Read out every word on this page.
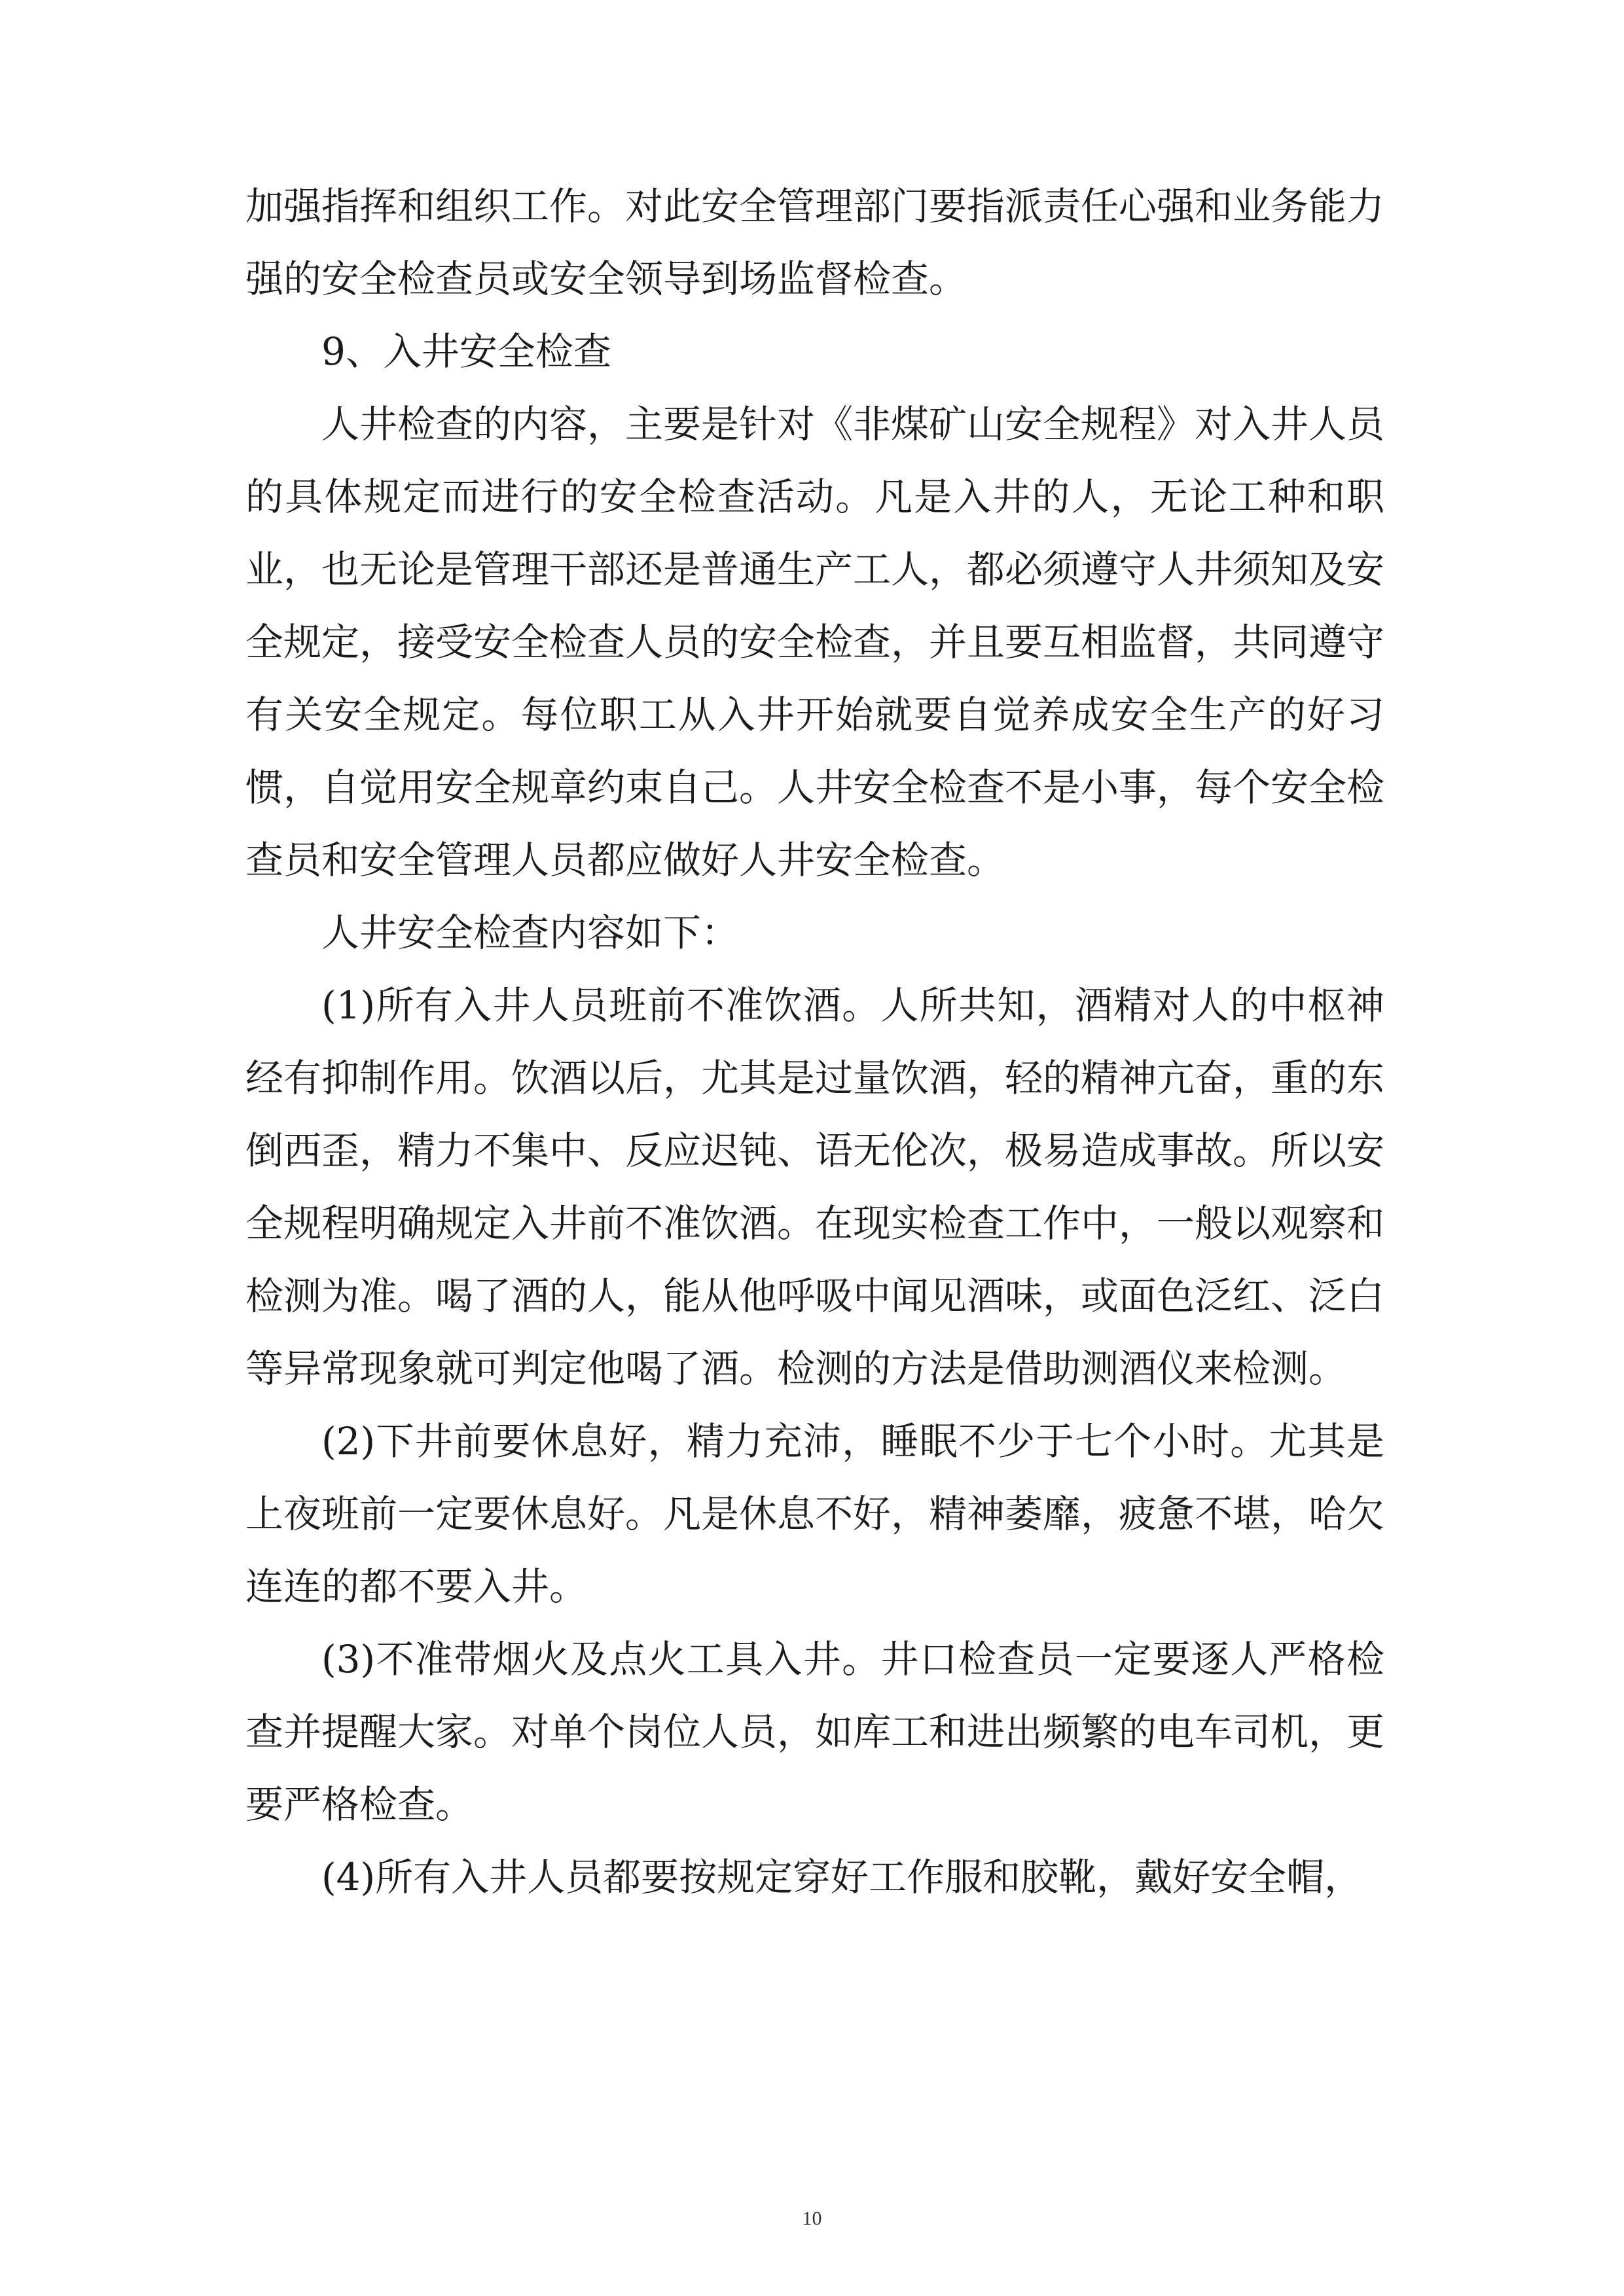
加强指挥和组织工作。对此安全管理部门要指派责任心强和业务能力强的安全检查员或安全领导到场监督检查。

9、入井安全检查

人井检查的内容，主要是针对《非煤矿山安全规程》对入井人员的具体规定而进行的安全检查活动。凡是入井的人，无论工种和职业，也无论是管理干部还是普通生产工人，都必须遵守人井须知及安全规定，接受安全检查人员的安全检查，并且要互相监督，共同遵守有关安全规定。每位职工从入井开始就要自觉养成安全生产的好习惯，自觉用安全规章约束自己。人井安全检查不是小事，每个安全检查员和安全管理人员都应做好人井安全检查。

人井安全检查内容如下：

(1)所有入井人员班前不准饮酒。人所共知，酒精对人的中枢神经有抑制作用。饮酒以后，尤其是过量饮酒，轻的精神亢奋，重的东倒西歪，精力不集中、反应迟钝、语无伦次，极易造成事故。所以安全规程明确规定入井前不准饮酒。在现实检查工作中，一般以观察和检测为准。喝了酒的人，能从他呼吸中闻见酒味，或面色泛红、泛白等异常现象就可判定他喝了酒。检测的方法是借助测酒仪来检测。

(2)下井前要休息好，精力充沛，睡眠不少于七个小时。尤其是上夜班前一定要休息好。凡是休息不好，精神萎靡，疲惫不堪，哈欠连连的都不要入井。

(3)不准带烟火及点火工具入井。井口检查员一定要逐人严格检查并提醒大家。对单个岗位人员，如库工和进出频繁的电车司机，更要严格检查。

(4)所有入井人员都要按规定穿好工作服和胶靴，戴好安全帽，

10
